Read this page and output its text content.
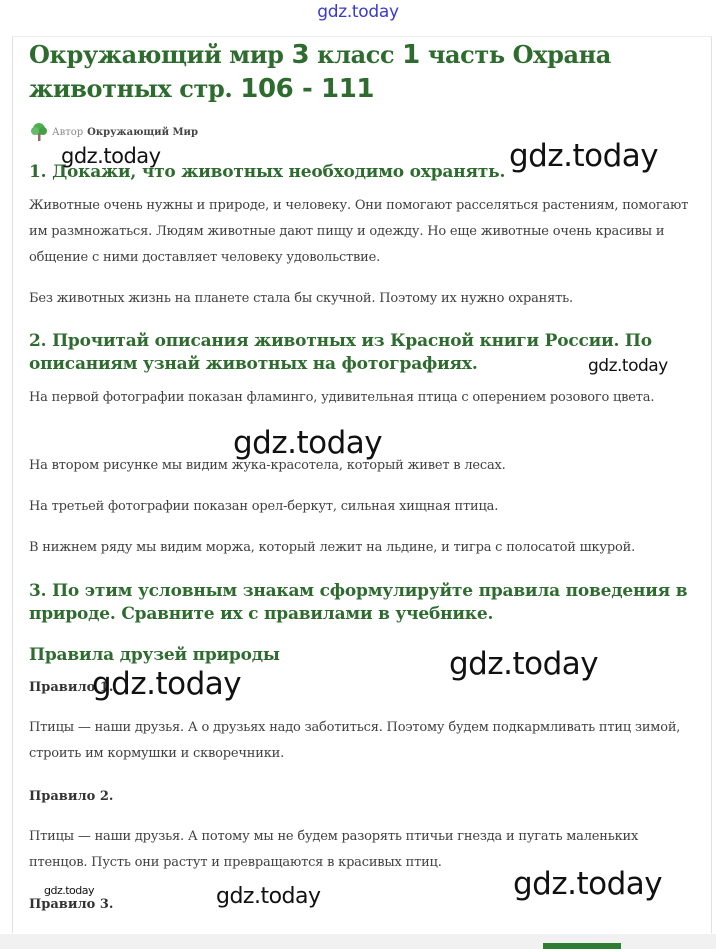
gdz.today
Окружающий мир 3 класс 1 часть Охрана животных стр. 106 - 111
Автор Окружающий Мир
1. Докажи, что животных необходимо охранять.

Животные очень нужны и природе, и человеку. Они помогают расселяться растениям, помогают им размножаться. Людям животные дают пищу и одежду. Но еще животные очень красивы и общение с ними доставляет человеку удовольствие.

Без животных жизнь на планете стала бы скучной. Поэтому их нужно охранять.

2. Прочитай описания животных из Красной книги России. По описаниям узнай животных на фотографиях.

На первой фотографии показан фламинго, удивительная птица с оперением розового цвета.

На втором рисунке мы видим жука-красотела, который живет в лесах.

На третьей фотографии показан орел-беркут, сильная хищная птица.

В нижнем ряду мы видим моржа, который лежит на льдине, и тигра с полосатой шкурой.

3. По этим условным знакам сформулируйте правила поведения в природе. Сравните их с правилами в учебнике.
Правила друзей природы
Правило 1.

Птицы — наши друзья. А о друзьях надо заботиться. Поэтому будем подкармливать птиц зимой, строить им кормушки и скворечники.

Правило 2.

Птицы — наши друзья. А потому мы не будем разорять птичьи гнезда и пугать маленьких птенцов. Пусть они растут и превращаются в красивых птиц.

Правило 3.
gdz.today	gdz.today
gdz.today
gdz.today
gdz.today
gdz.today
gdz.today
gdz.today	gdz.today
